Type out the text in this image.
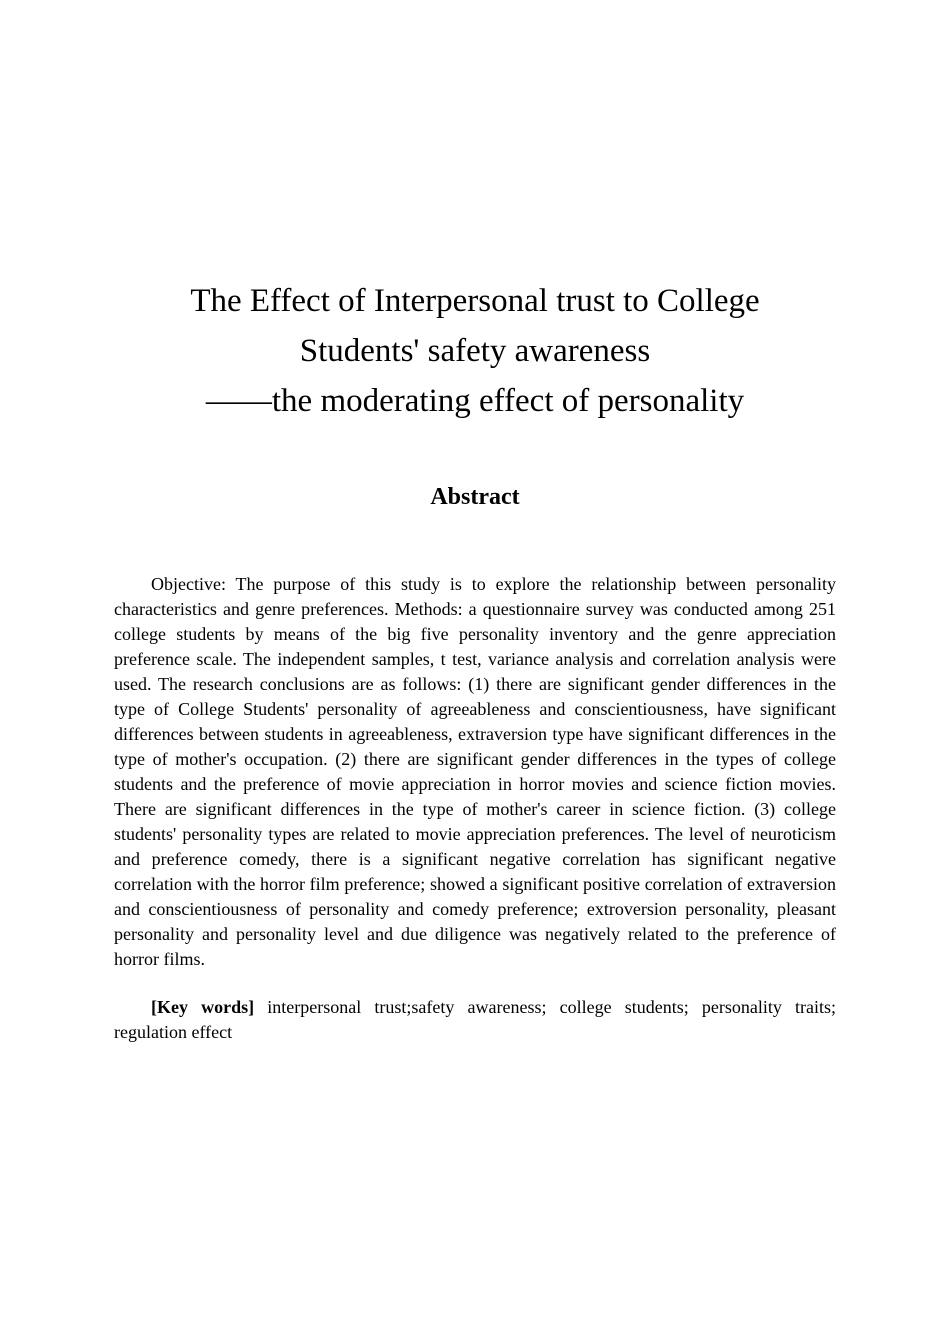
The Effect of Interpersonal trust to College
Students' safety awareness
——the moderating effect of personality
Abstract

Objective: The purpose of this study is to explore the relationship between personality characteristics and genre preferences. Methods: a questionnaire survey was conducted among 251 college students by means of the big five personality inventory and the genre appreciation preference scale. The independent samples, t test, variance analysis and correlation analysis were used. The research conclusions are as follows: (1) there are significant gender differences in the type of College Students' personality of agreeableness and conscientiousness, have significant differences between students in agreeableness, extraversion type have significant differences in the type of mother's occupation. (2) there are significant gender differences in the types of college students and the preference of movie appreciation in horror movies and science fiction movies. There are significant differences in the type of mother's career in science fiction. (3) college students' personality types are related to movie appreciation preferences. The level of neuroticism and preference comedy, there is a significant negative correlation has significant negative correlation with the horror film preference; showed a significant positive correlation of extraversion and conscientiousness of personality and comedy preference; extroversion personality, pleasant personality and personality level and due diligence was negatively related to the preference of horror films.

[Key words] interpersonal trust;safety awareness; college students; personality traits; regulation effect
